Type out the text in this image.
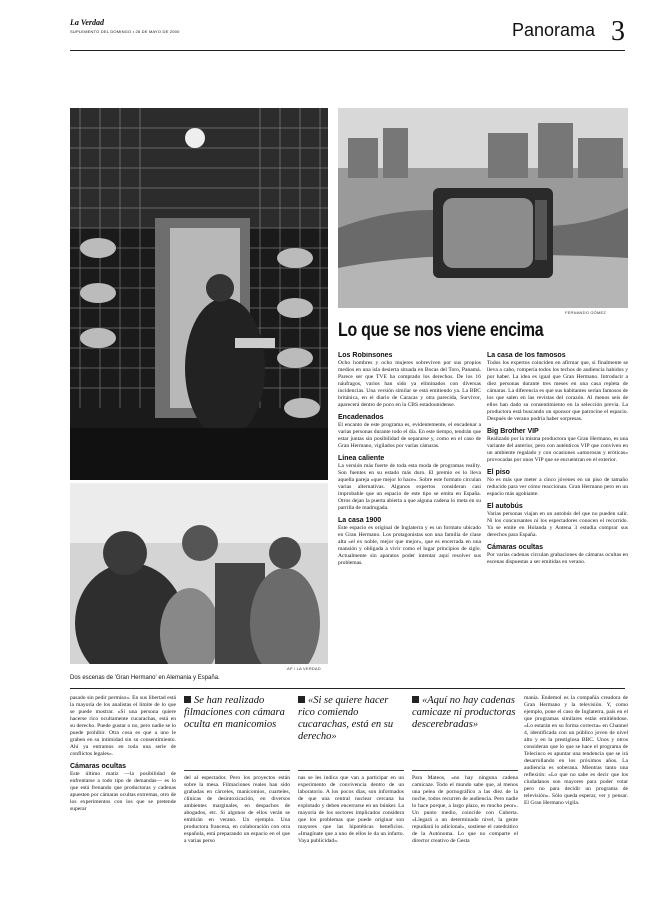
La Verdad
SUPLEMENTO DEL DOMINGO • 28 DE MAYO DE 2000	Panorama 3
FERNANDO GÓMEZ
AP / LA VERDAD
Dos escenas de 'Gran Hermano' en Alemania y España.
Lo que se nos viene encima
Los Robinsones

Ocho hombres y ocho mujeres sobreviven por sus propios medios en una isla desierta situada en Bocas del Toro, Panamá. Parece ser que TVE ha comprado los derechos. De los 16 náufragos, varios han sido ya eliminados con diversas incidencias. Una versión similar se está emitiendo ya. La BBC británica, en el diario de Caracas y otra parecida, Survivor, aparecerá dentro de poco en la CBS estadounidense.

Encadenados

El encanto de este programa es, evidentemente, el encadenar a varias personas durante todo el día. En este tiempo, tendrán que estar juntas sin posibilidad de separarse y, como en el caso de Gran Hermano, vigilados por varias cámaras.

Línea caliente

La versión más fuerte de toda esta moda de programas reality. Son fuentes en su estado más duro. El premio es lo lleva aquella pareja «que mejor lo hace». Sobre este formato circulan varias alternativas. Algunos expertos consideran casi improbable que un espacio de este tipo se emita en España. Otros dejan la puerta abierta a que alguna cadena lo meta en su parrilla de madrugada.

La casa 1900

Este espacio es original de Inglaterra y es un formato ubicado en Gran Hermano. Los protagonistas son una familia de clase alta «el ex noble, mejor que mejor», que es encerrada en una mansión y obligada a vivir como el lugar principios de siglo. Actualmente sin aparatos poder intentar aquí resolver sus problemas.

La casa de los famosos

Todos los expertos coinciden en afirmar que, si finalmente se lleva a cabo, rompería todos los techos de audiencia habidos y por haber. La idea es igual que Gran Hermano. Introducir a diez personas durante tres meses en una casa repleta de cámaras. La diferencia es que sus habitantes serían famosos de los que salen en las revistas del corazón. Al menos seis de ellos han dado su consentimiento en la selección previa. La productora está buscando un sponsor que patrocine el espacio. Después de verano podría haber sorpresas.

Big Brother VIP

Realizado por la misma productora que Gran Hermano, es una variante del anterior, pero con auténticos VIP que conviven en un ambiente regalado y con ocasiones «amorosas y eróticas» provocadas por unos VIP que se encuentran en el exterior.

El piso

No es más que meter a cinco jóvenes en un piso de tamaño reducido para ver cómo reaccionan. Gran Hermano pero en un espacio más agobiante.

El autobús

Varias personas viajan en un autobús del que no pueden salir. Ni los concursantes ni los espectadores conocen el recorrido. Ya se emite en Holanda y Antena 3 estudia comprar sus derechos para España.

Cámaras ocultas

Por varias cadenas circulan grabaciones de cámaras ocultas en escenas dispuestas a ser emitidas en verano.

pasado sin pedir permiso». En sus libertad está la mayoría de los analistas el límite de lo que se puede mostrar. «Si una persona quiere hacerse rico ocultamente cucarachas, está en su derecho. Puede gustar o no, pero nadie se lo puede prohibir. Otra cosa es que a uno le graben en su intimidad sin su consentimiento. Ahí ya entramos en toda una serie de conflictos legales».

Cámaras ocultas

Este último matiz —la posibilidad de enfrentarse a todo tipo de demandas— es lo que está frenando que productoras y cadenas apuesten por cámaras ocultas extremas, otro de los experimentos con los que se pretende superar

Se han realizado filmaciones con cámara oculta en manicomios

del al espectador. Pero los proyectos están sobre la mesa. Filmaciones reales han sido grabadas en cárceles, manicomios, cuarteles, clínicas de desintoxicación, en diversos ambientes marginales, en despachos de abogados, etc. Si algunos de ellos verán se emitirán en verano. Un ejemplo. Una productora francesa, en colaboración con otra española, está preparando un espacio en el que a varias perso

«Si se quiere hacer rico comiendo cucarachas, está en su derecho»

nas se les indica que van a participar en un experimento de convivencia dentro de un laboratorio. A los pocos días, son informados de que una central nuclear cercana ha explotado y deben encerrarse en un búnker. La mayoría de los sectores implicados considera que los problemas que puede originar son mayores que las hipotéticas beneficios. «Imagínate que a uno de ellos le da un infarto. Vaya publicidad».

«Aquí no hay cadenas camicaze ni productoras descerebradas»

Para Mateos, «no hay ninguna cadena camicaze. Todo el mundo sabe que, al menos una pelea de pornográfico a las diez de la noche, todos recurren de audiencia. Pero nadie lo hace porque, a largo plazo, es mucho peor». Un punto medio, coincide con Cuberta. «Llegará a un determinado nivel, la gente repudiará lo adicional», sostiene el catedrático de la Autónoma. Lo que no comparte el director creativo de Gesta

manía. Endemol es la compañía creadora de Gran Hermano y la televisión. Y, como ejemplo, pone el caso de Inglaterra, país en el que programas similares están emitiéndose. «Lo estarán en su forma correcta» en Channel 4, identificada con un público joven de nivel alto y en la prestigiosa BBC. Unos y otros consideran que lo que se hace el programa de Telecinco es apuntar una tendencia que se irá desarrollando en los próximos años. La audiencia es soberana. Mientras tanto una reflexión: «Lo que no sabe es decir que los ciudadanos son mayores para poder votar pero no para decidir un programa de televisión». Sólo queda esperar, ver y pensar. El Gran Hermano vigila.
